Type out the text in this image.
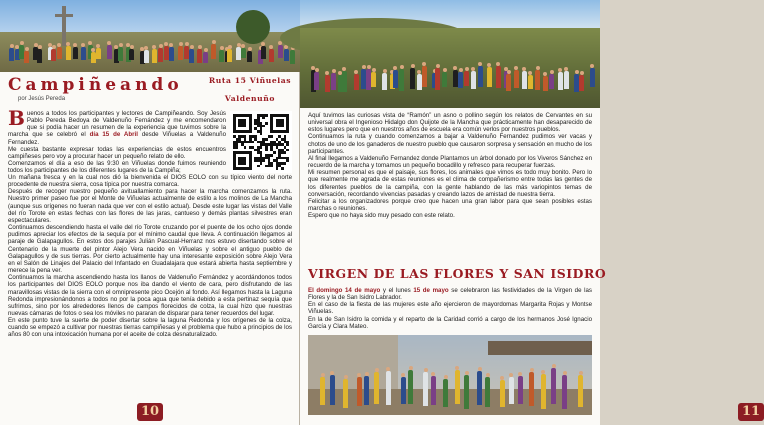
Campiñeando	Ruta 15 Viñuelas -
Valdenuño
por Jesús Pereda
Buenos a todos los participantes y lectores de Campiñeando. Soy Jesús Pablo Pereda Bedoya de Valdenuño Fernández y me encomendaron que si podía hacer un resumen de la experiencia que tuvimos sobre la marcha que se celebró el día 15 de Abril desde Viñuelas a Valdenuño Fernandez.
Me cuesta bastante expresar todas las experiencias de estos encuentros campiñeses pero voy a procurar hacer un pequeño relato de ello.
Comenzamos el día a eso de las 9:30 en Viñuelas donde fuimos reuniendo todos los participantes de los diferentes lugares de la Campiña;

Un mañana fresca y en la cual nos dió la bienvenida el DIOS EOLO con su típico viento del norte procedente de nuestra sierra, cosa típica por nuestra comarca.

Después de recoger nuestro pequeño avituallamiento para hacer la marcha comenzamos la ruta. Nuestro primer paseo fue por el Monte de Viñuelas actualmente de estilo a los molinos de La Mancha (aunque sus orígenes no fueran nada que ver con el estilo actual). Desde este lugar las vistas del Valle del río Torote en estas fechas con las flores de las jaras, cantueso y demás plantas silvestres eran espectaculares.

Continuamos descendiendo hasta el valle del río Torote cruzando por el puente de los ocho ojos donde pudimos apreciar los efectos de la sequía por el mínimo caudal que lleva. A continuación llegamos al paraje de Galapagullos. En estos dos parajes Julián Pascual-Herranz nos estuvo disertando sobre el Centenario de la muerte del pintor Alejo Vera nacido en Viñuelas y sobre el antiguo pueblo de Galapagullos y de sus tierras. Por cierto actualmente hay una interesante exposición sobre Alejo Vera en el Salón de Linajes del Palacio del Infantado en Guadalajara que estará abierta hasta septiembre y merece la pena ver.

Continuamos la marcha ascendiendo hasta los llanos de Valdenuño Fernández y acordándonos todos los participantes del DIOS EOLO porque nos iba dando el viento de cara, pero disfrutando de las maravillosas vistas de la sierra con el omnipresente pico Ocejón al fondo. Así llegamos hasta la Laguna Redonda impresionándonos a todos no por la poca agua que tenía debido a esta pertinaz sequía que sufrimos, sino por los alrededores llenos de campos florecidos de colza, la cual hizo que nuestras nuevas cámaras de fotos o sea los móviles no pararan de disparar para tener recuerdos del lugar.

En este punto tuve la suerte de poder disertar sobre la laguna Redonda y los orígenes de la colza, cuando se empezó a cultivar por nuestras tierras campiñesas y el problema que hubo a principios de los años 80 con una intoxicación humana por el aceite de colza desnaturalizado.

10

Aquí tuvimos las curiosas vista de “Ramón” un asno o pollino según los relatos de Cervantes en su universal obra el Ingenioso Hidalgo don Quijote de la Mancha que prácticamente han desaparecido de estos lugares pero que en nuestros años de escuela era común verlos por nuestros pueblos.

Continuamos la ruta y cuando comenzamos a bajar a Valdenuño Fernandez pudimos ver vacas y chotos de uno de los ganaderos de nuestro pueblo que causaron sorpresa y sensación en mucho de los participantes.

Al final llegamos a Valdenuño Fernandez donde Plantamos un árbol donado por los Viveros Sánchez en recuerdo de la marcha y tomamos un pequeño bocadillo y refresco para recuperar fuerzas.

Mi resumen personal es que el paisaje, sus flores, los animales que vimos es todo muy bonito. Pero lo que realmente me agrada de estas reuniones es el clima de compañerismo entre todas las gentes de los diferentes pueblos de la campiña, con la gente hablando de las más variopintos temas de conversación, recordando vivencias pasadas y creando lazos de amistad de nuestra tierra.

Felicitar a los organizadores porque creo que hacen una gran labor para que sean posibles estas marchas o reuniones.

Espero que no haya sido muy pesado con este relato.

VIRGEN DE LAS FLORES Y SAN ISIDRO

El domingo 14 de mayo y el lunes 15 de mayo se celebraron las festividades de la Virgen de las Flores y la de San Isidro Labrador.

En el caso de la fiesta de las mujeres este año ejercieron de mayordomas Margarita Rojas y Montse Viñuelas.

En la de San Isidro la comida y el reparto de la Caridad corrió a cargo de los hermanos José Ignacio García y Clara Mateo.

11
